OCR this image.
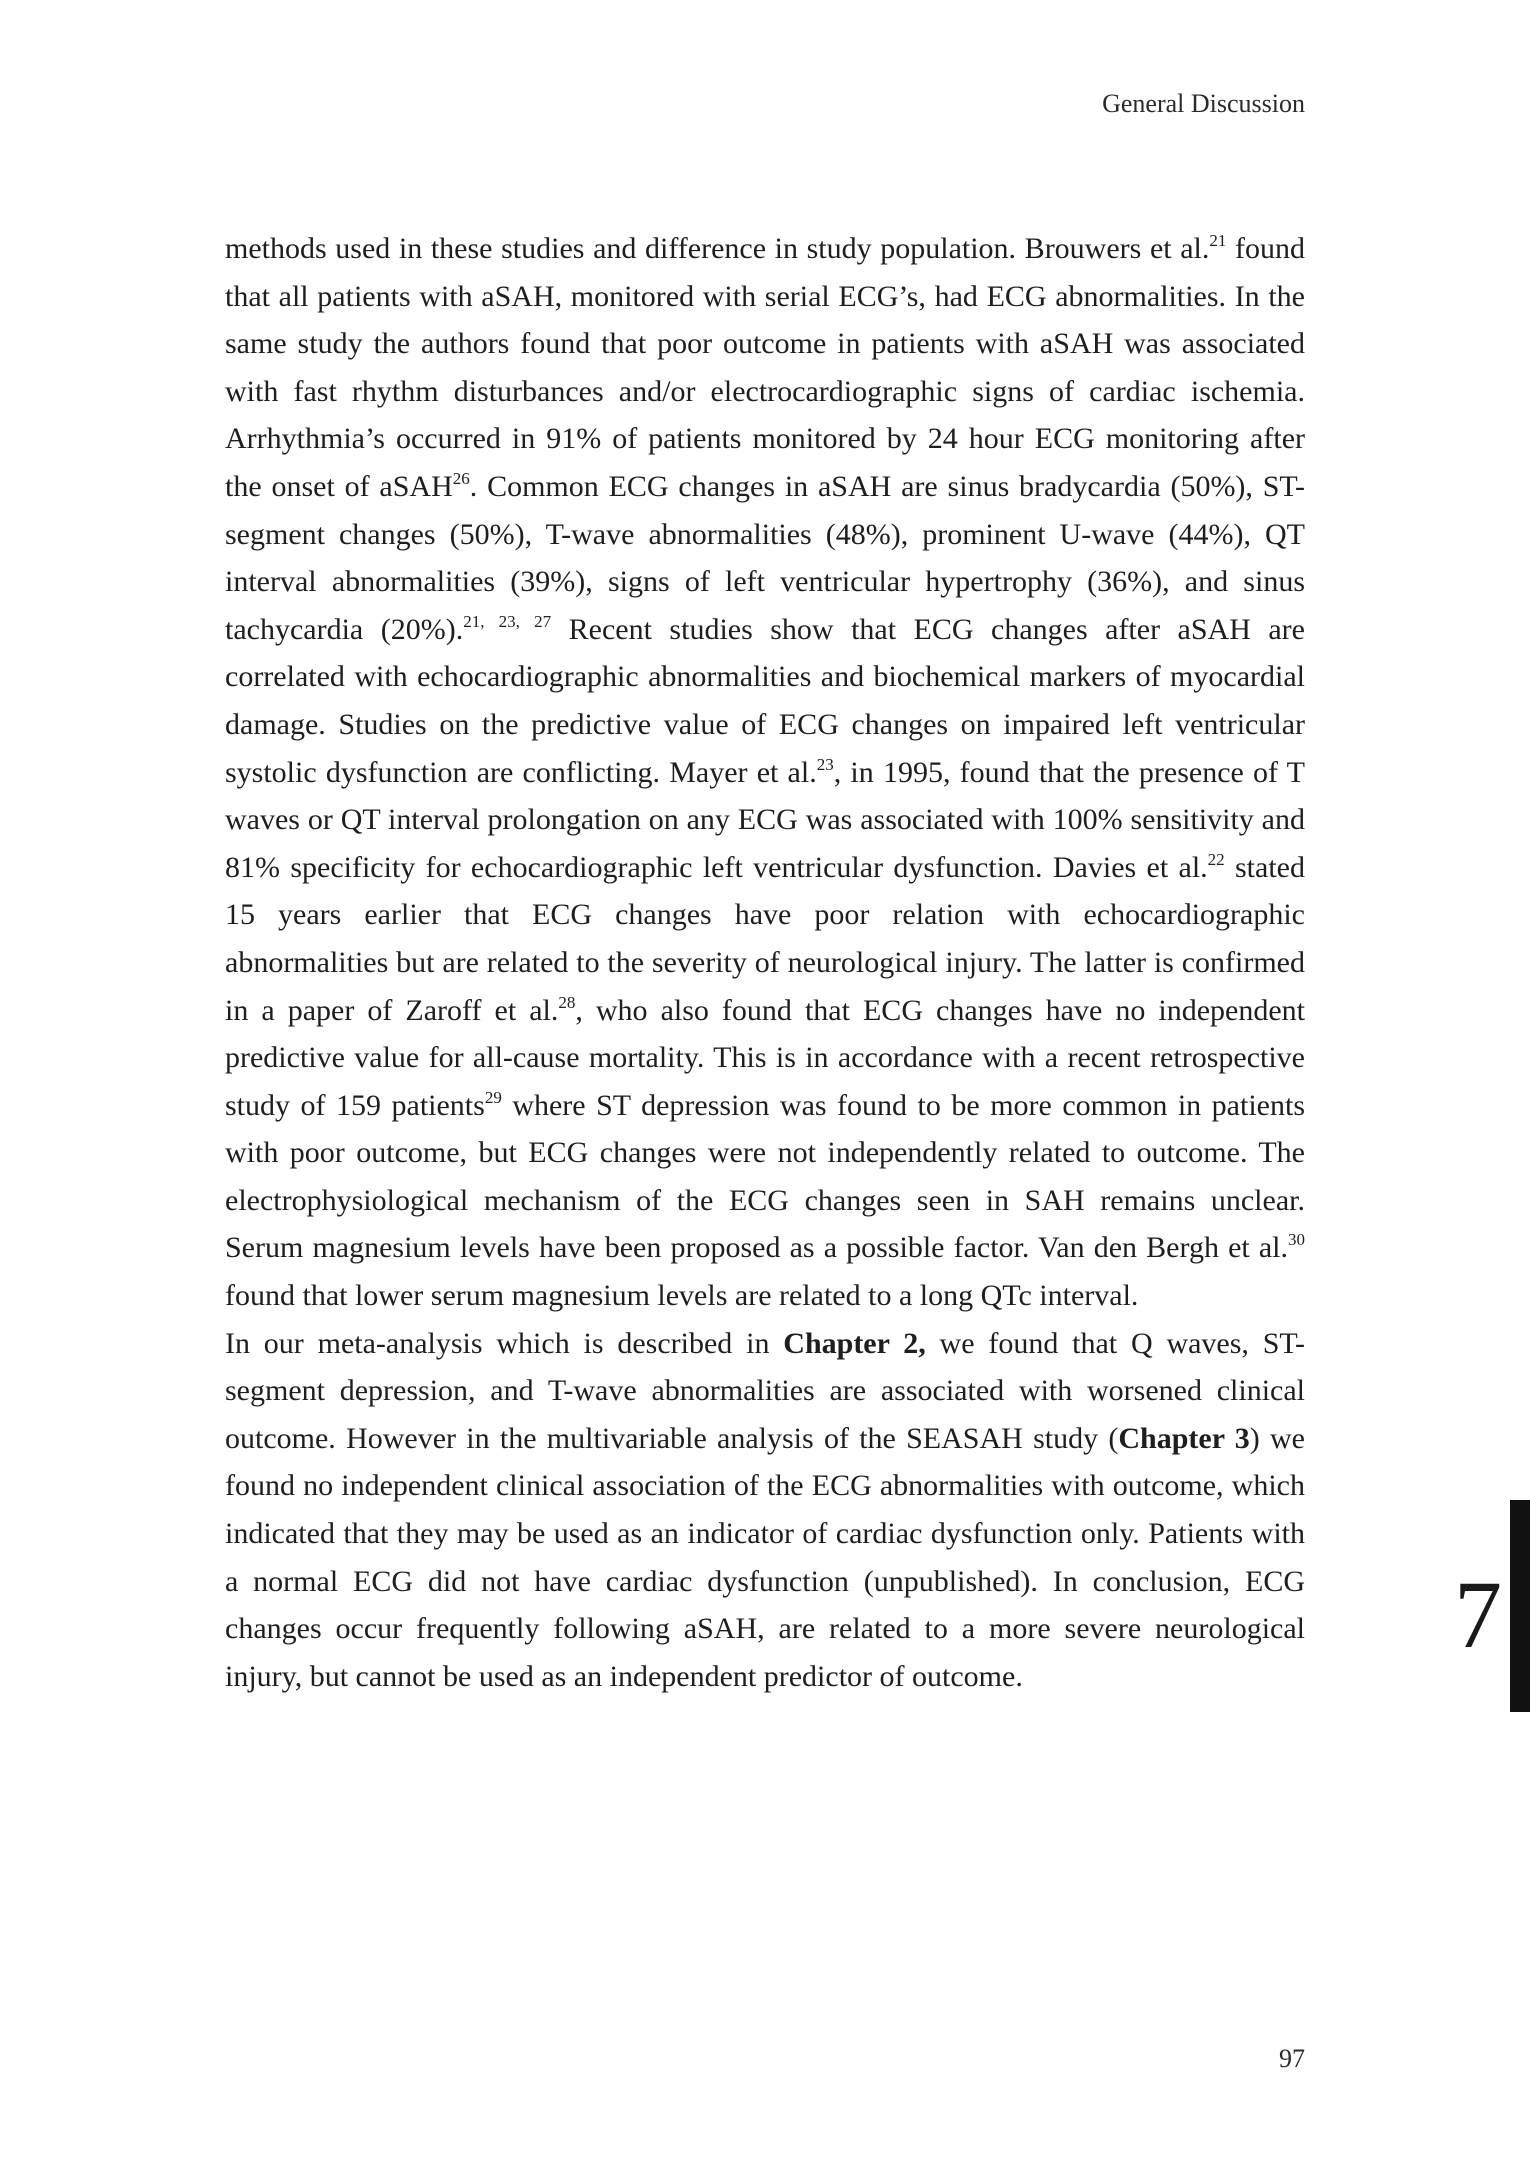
General Discussion

methods used in these studies and difference in study population. Brouwers et al.$^{21}$ found that all patients with aSAH, monitored with serial ECG’s, had ECG abnormalities. In the same study the authors found that poor outcome in patients with aSAH was associated with fast rhythm disturbances and/or electrocardiographic signs of cardiac ischemia. Arrhythmia’s occurred in 91% of patients monitored by 24 hour ECG monitoring after the onset of aSAH$^{26}$. Common ECG changes in aSAH are sinus bradycardia (50%), ST-segment changes (50%), T-wave abnormalities (48%), prominent U-wave (44%), QT interval abnormalities (39%), signs of left ventricular hypertrophy (36%), and sinus tachycardia (20%).$^{21, 23, 27}$ Recent studies show that ECG changes after aSAH are correlated with echocardiographic abnormalities and biochemical markers of myocardial damage. Studies on the predictive value of ECG changes on impaired left ventricular systolic dysfunction are conflicting. Mayer et al.$^{23}$, in 1995, found that the presence of T waves or QT interval prolongation on any ECG was associated with 100% sensitivity and 81% specificity for echocardiographic left ventricular dysfunction. Davies et al.$^{22}$ stated 15 years earlier that ECG changes have poor relation with echocardiographic abnormalities but are related to the severity of neurological injury. The latter is confirmed in a paper of Zaroff et al.$^{28}$, who also found that ECG changes have no independent predictive value for all-cause mortality. This is in accordance with a recent retrospective study of 159 patients$^{29}$ where ST depression was found to be more common in patients with poor outcome, but ECG changes were not independently related to outcome. The electrophysiological mechanism of the ECG changes seen in SAH remains unclear. Serum magnesium levels have been proposed as a possible factor. Van den Bergh et al.$^{30}$ found that lower serum magnesium levels are related to a long QTc interval.

In our meta-analysis which is described in Chapter 2, we found that Q waves, ST-segment depression, and T-wave abnormalities are associated with worsened clinical outcome. However in the multivariable analysis of the SEASAH study (Chapter 3) we found no independent clinical association of the ECG abnormalities with outcome, which indicated that they may be used as an indicator of cardiac dysfunction only. Patients with a normal ECG did not have cardiac dysfunction (unpublished). In conclusion, ECG changes occur frequently following aSAH, are related to a more severe neurological injury, but cannot be used as an independent predictor of outcome.

7
97
